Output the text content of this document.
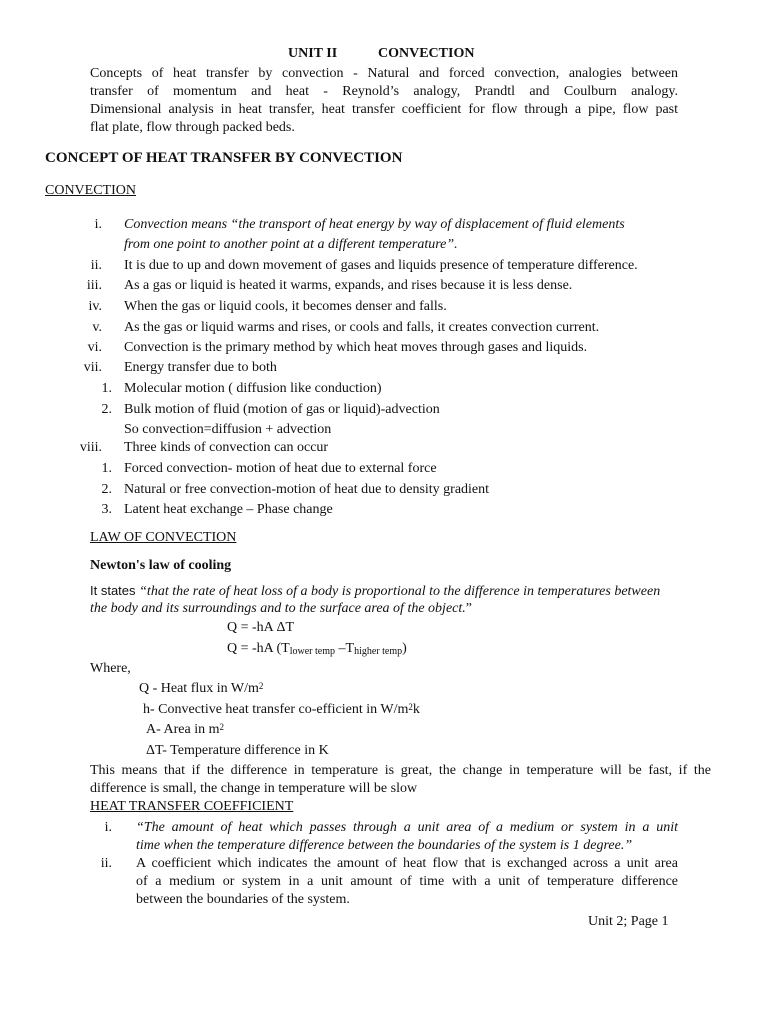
UNIT II	CONVECTION
Concepts of heat transfer by convection - Natural and forced convection, analogies between
transfer of momentum and heat - Reynold’s analogy, Prandtl and Coulburn analogy.
Dimensional analysis in heat transfer, heat transfer coefficient for flow through a pipe, flow past
flat plate, flow through packed beds.
CONCEPT OF HEAT TRANSFER BY CONVECTION
CONVECTION
i. Convection means “the transport of heat energy by way of displacement of fluid elements
from one point to another point at a different temperature”.
ii. It is due to up and down movement of gases and liquids presence of temperature difference.
iii. As a gas or liquid is heated it warms, expands, and rises because it is less dense.
iv. When the gas or liquid cools, it becomes denser and falls.
v. As the gas or liquid warms and rises, or cools and falls, it creates convection current.
vi. Convection is the primary method by which heat moves through gases and liquids.
vii. Energy transfer due to both
1. Molecular motion ( diffusion like conduction)
2. Bulk motion of fluid (motion of gas or liquid)-advection
So convection=diffusion + advection
viii. Three kinds of convection can occur
1. Forced convection- motion of heat due to external force
2. Natural or free convection-motion of heat due to density gradient
3. Latent heat exchange – Phase change
LAW OF CONVECTION
Newton's law of cooling
It states “that the rate of heat loss of a body is proportional to the difference in temperatures between
the body and its surroundings and to the surface area of the object.”
Q = -hA ΔT
Q = -hA ($T_{lower temp}$ $-T_{higher temp}$)
Where,
Q - Heat flux in $W/m^2$
h- Convective heat transfer co-efficient in $W/m^2k$
A- Area in $m^2$
ΔT- Temperature difference in K
This means that if the difference in temperature is great, the change in temperature will be fast, if the
difference is small, the change in temperature will be slow
HEAT TRANSFER COEFFICIENT
i. “The amount of heat which passes through a unit area of a medium or system in a unit
time when the temperature difference between the boundaries of the system is 1 degree.”
ii. A coefficient which indicates the amount of heat flow that is exchanged across a unit area
of a medium or system in a unit amount of time with a unit of temperature difference
between the boundaries of the system.
Unit 2; Page 1
